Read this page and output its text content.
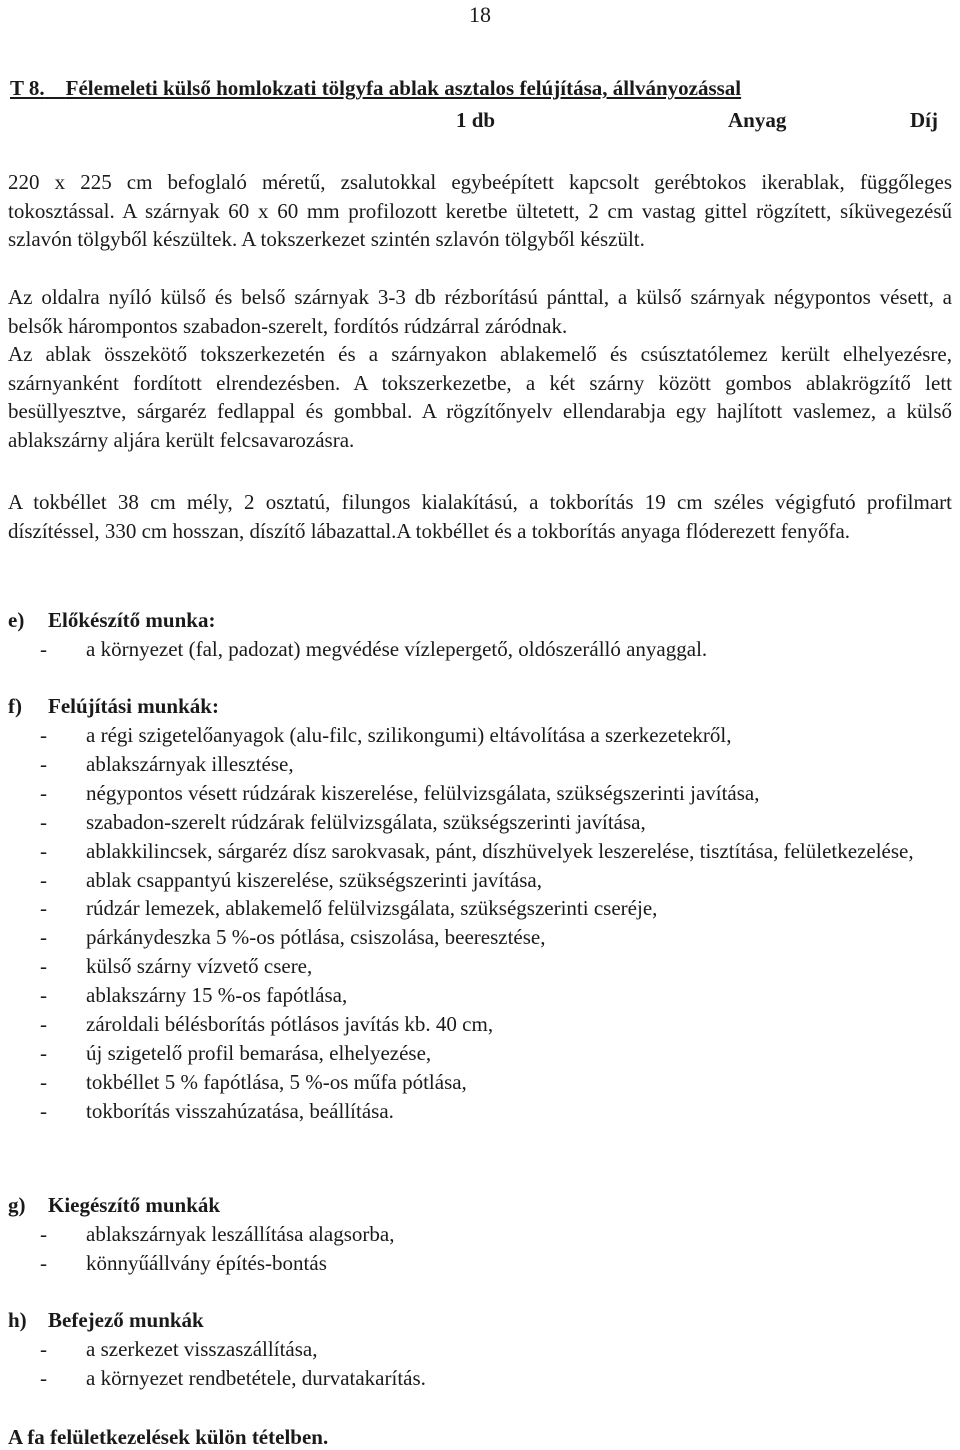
18
T 8. Félemeleti külső homlokzati tölgyfa ablak asztalos felújítása, állványozással
1 db	Anyag	Díj

220 x 225 cm befoglaló méretű, zsalutokkal egybeépített kapcsolt gerébtokos ikerablak, függőleges tokosztással. A szárnyak 60 x 60 mm profilozott keretbe ültetett, 2 cm vastag gittel rögzített, síküvegezésű szlavón tölgyből készültek. A tokszerkezet szintén szlavón tölgyből készült.

Az oldalra nyíló külső és belső szárnyak 3-3 db rézborítású pánttal, a külső szárnyak négypontos vésett, a belsők hárompontos szabadon-szerelt, fordítós rúdzárral záródnak.

Az ablak összekötő tokszerkezetén és a szárnyakon ablakemelő és csúsztatólemez került elhelyezésre, szárnyanként fordított elrendezésben. A tokszerkezetbe, a két szárny között gombos ablakrögzítő lett besüllyesztve, sárgaréz fedlappal és gombbal. A rögzítőnyelv ellendarabja egy hajlított vaslemez, a külső ablakszárny aljára került felcsavarozásra.

A tokbéllet 38 cm mély, 2 osztatú, filungos kialakítású, a tokborítás 19 cm széles végigfutó profilmart díszítéssel, 330 cm hosszan, díszítő lábazattal.A tokbéllet és a tokborítás anyaga flóderezett fenyőfa.

e) Előkészítő munka:
- a környezet (fal, padozat) megvédése vízlepergető, oldószerálló anyaggal.
f) Felújítási munkák:
- a régi szigetelőanyagok (alu-filc, szilikongumi) eltávolítása a szerkezetekről,
- ablakszárnyak illesztése,
- négypontos vésett rúdzárak kiszerelése, felülvizsgálata, szükségszerinti javítása,
- szabadon-szerelt rúdzárak felülvizsgálata, szükségszerinti javítása,
- ablakkilincsek, sárgaréz dísz sarokvasak, pánt, díszhüvelyek leszerelése, tisztítása, felületkezelése,
- ablak csappantyú kiszerelése, szükségszerinti javítása,
- rúdzár lemezek, ablakemelő felülvizsgálata, szükségszerinti cseréje,
- párkánydeszka 5 %-os pótlása, csiszolása, beeresztése,
- külső szárny vízvető csere,
- ablakszárny 15 %-os fapótlása,
- zároldali bélésborítás pótlásos javítás kb. 40 cm,
- új szigetelő profil bemarása, elhelyezése,
- tokbéllet 5 % fapótlása, 5 %-os műfa pótlása,
- tokborítás visszahúzatása, beállítása.
g) Kiegészítő munkák
- ablakszárnyak leszállítása alagsorba,
- könnyűállvány építés-bontás
h) Befejező munkák
- a szerkezet visszaszállítása,
- a környezet rendbetétele, durvatakarítás.
A fa felületkezelések külön tételben.
